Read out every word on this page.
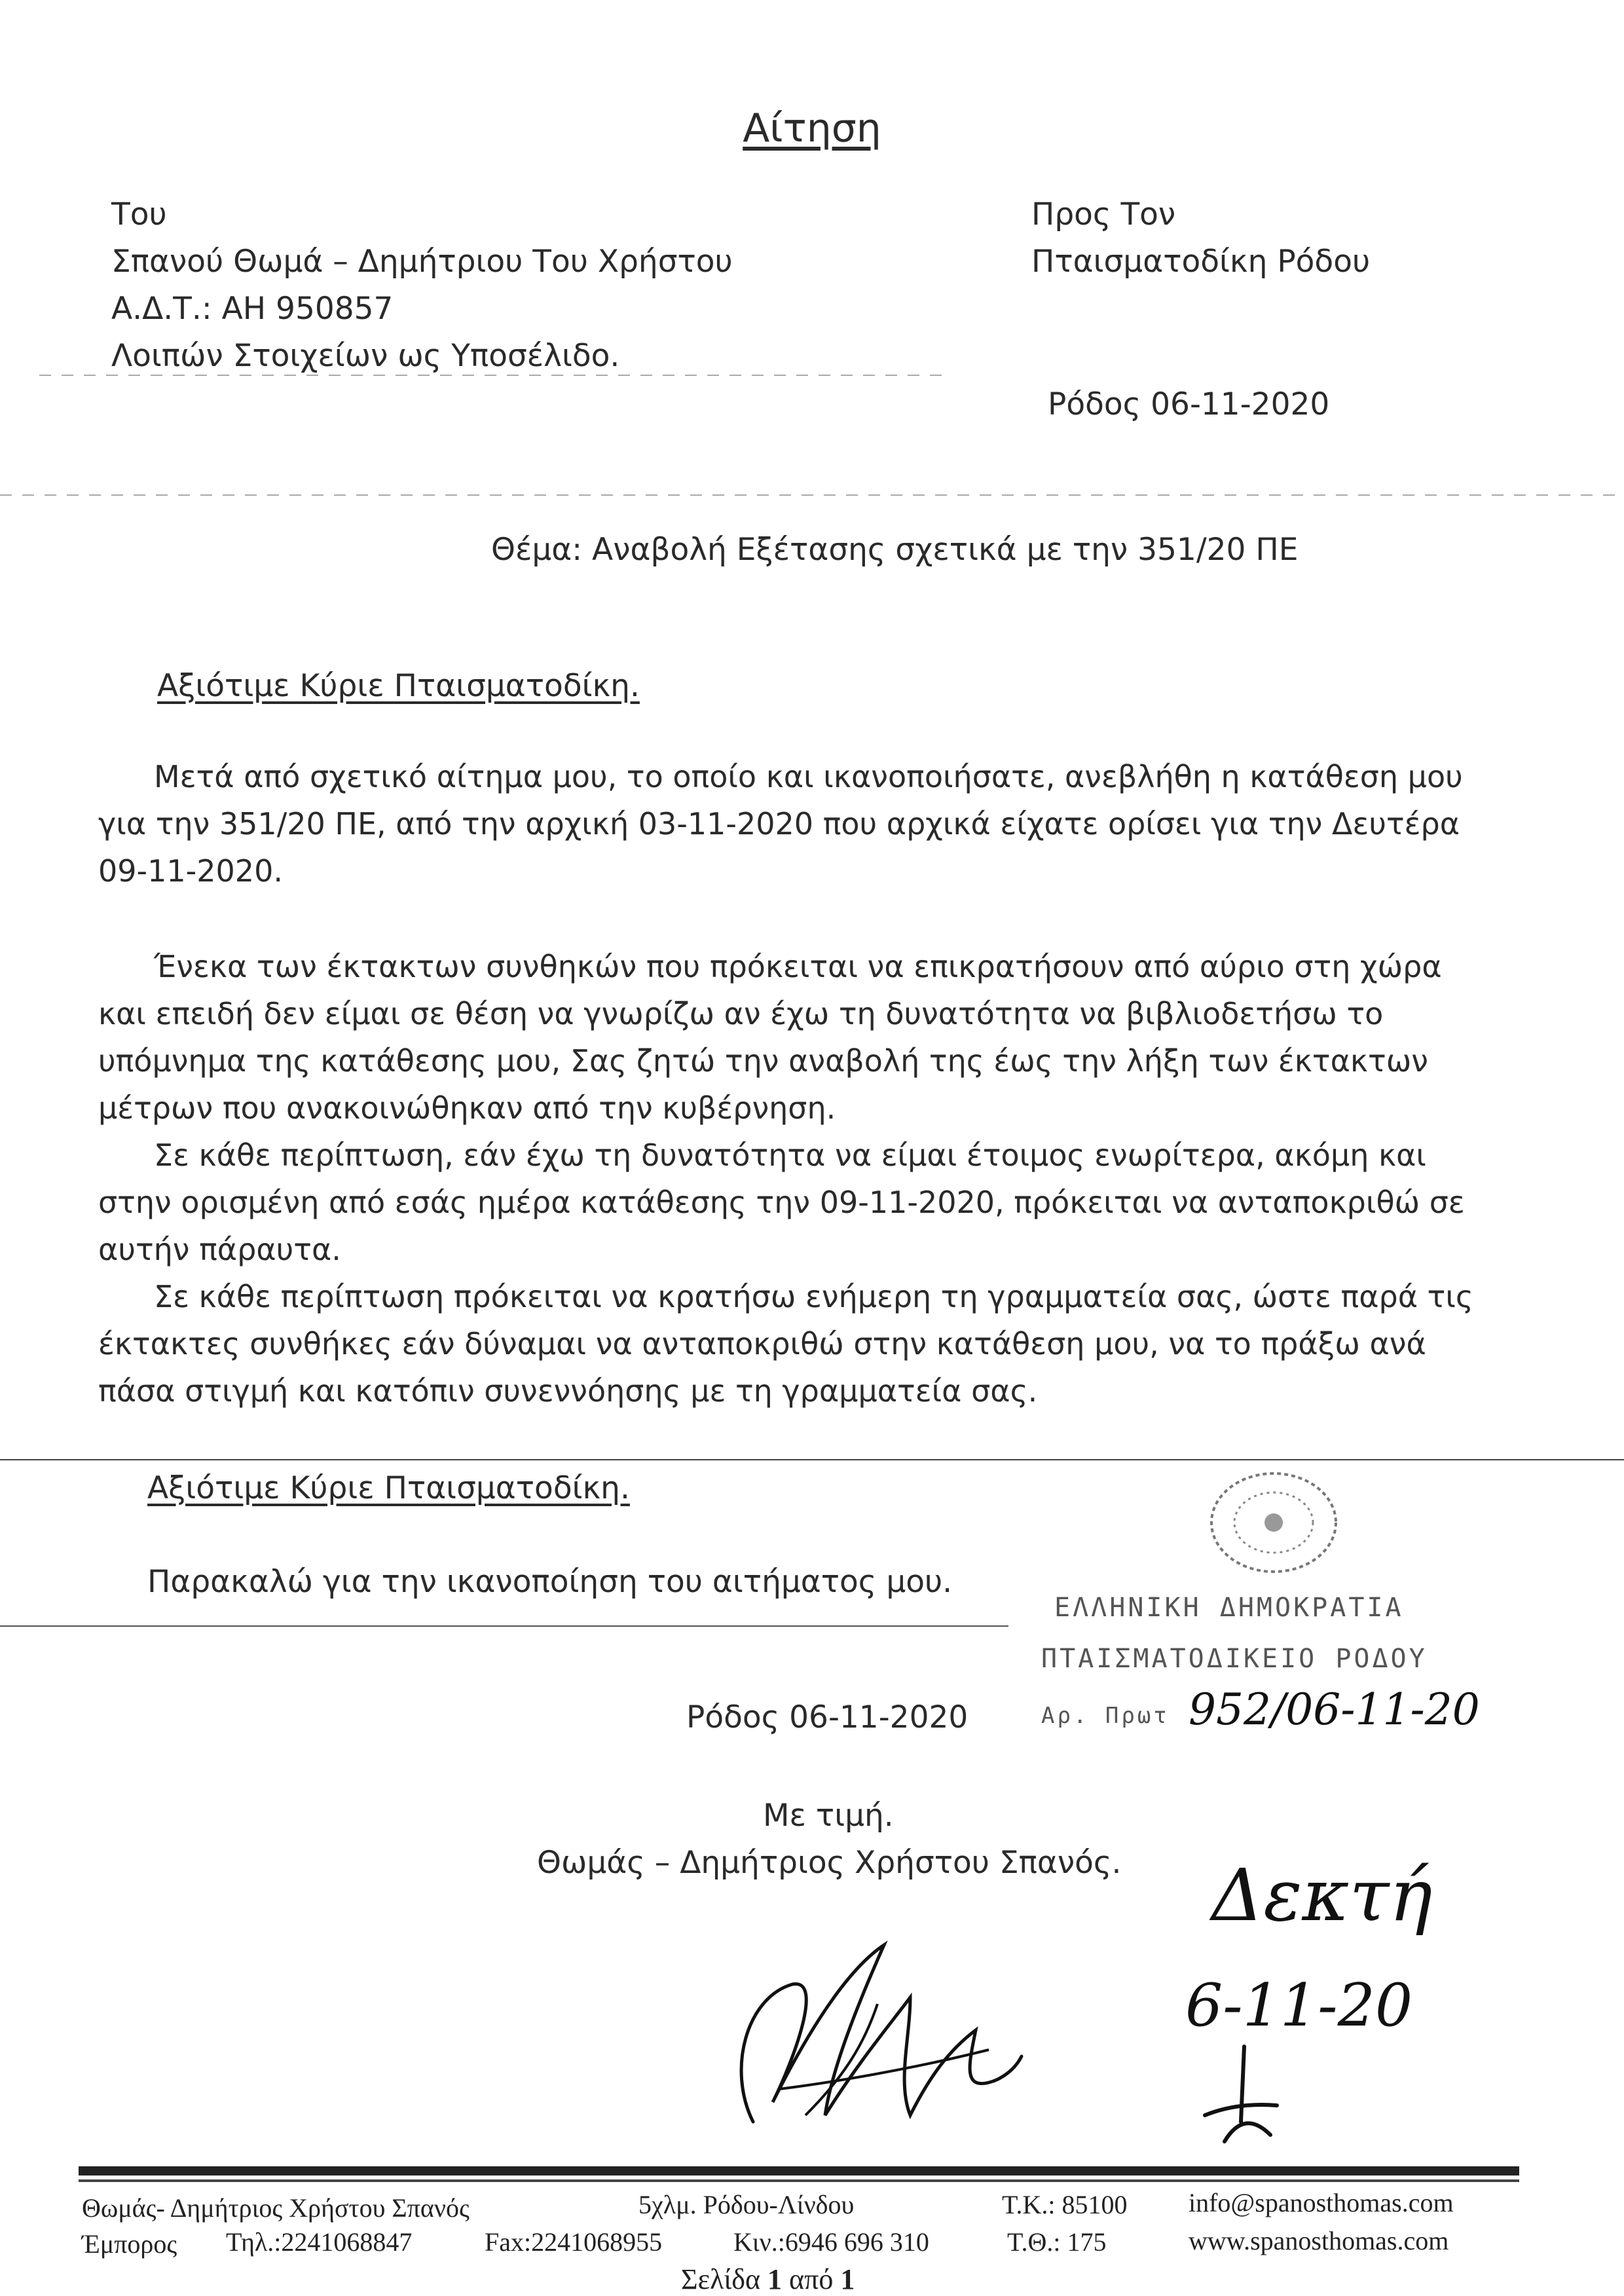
Αίτηση
Του
Σπανού Θωμά – Δημήτριου Του Χρήστου
Α.Δ.Τ.: ΑΗ 950857
Λοιπών Στοιχείων ως Υποσέλιδο.
Προς Τον
Πταισματοδίκη Ρόδου
Ρόδος 06-11-2020
Θέμα: Αναβολή Εξέτασης σχετικά με την 351/20 ΠΕ
Αξιότιμε Κύριε Πταισματοδίκη.
Μετά από σχετικό αίτημα μου, το οποίο και ικανοποιήσατε, ανεβλήθη η κατάθεση μου
για την 351/20 ΠΕ, από την αρχική 03-11-2020 που αρχικά είχατε ορίσει για την Δευτέρα
09-11-2020.
Ένεκα των έκτακτων συνθηκών που πρόκειται να επικρατήσουν από αύριο στη χώρα
και επειδή δεν είμαι σε θέση να γνωρίζω αν έχω τη δυνατότητα να βιβλιοδετήσω το
υπόμνημα της κατάθεσης μου, Σας ζητώ την αναβολή της έως την λήξη των έκτακτων
μέτρων που ανακοινώθηκαν από την κυβέρνηση.
Σε κάθε περίπτωση, εάν έχω τη δυνατότητα να είμαι έτοιμος ενωρίτερα, ακόμη και
στην ορισμένη από εσάς ημέρα κατάθεσης την 09-11-2020, πρόκειται να ανταποκριθώ σε
αυτήν πάραυτα.
Σε κάθε περίπτωση πρόκειται να κρατήσω ενήμερη τη γραμματεία σας, ώστε παρά τις
έκτακτες συνθήκες εάν δύναμαι να ανταποκριθώ στην κατάθεση μου, να το πράξω ανά
πάσα στιγμή και κατόπιν συνεννόησης με τη γραμματεία σας.
Αξιότιμε Κύριε Πταισματοδίκη.
Παρακαλώ για την ικανοποίηση του αιτήματος μου.
ΕΛΛΗΝΙΚΗ ΔΗΜΟΚΡΑΤΙΑ
ΠΤΑΙΣΜΑΤΟΔΙΚΕΙΟ ΡΟΔΟΥ
Αρ. Πρωτ 952/06-11-20
Ρόδος 06-11-2020
Με τιμή.
Θωμάς – Δημήτριος Χρήστου Σπανός. Δεκτή
6-11-20
Θωμάς- Δημήτριος Χρήστου Σπανός	5χλμ. Ρόδου-Λίνδου	Τ.Κ.: 85100 info@spanosthomas.com
Έμπορος Τηλ.:2241068847	Fax:2241068955	Κιν.:6946 696 310	Τ.Θ.: 175	www.spanosthomas.com
Σελίδα 1 από 1
